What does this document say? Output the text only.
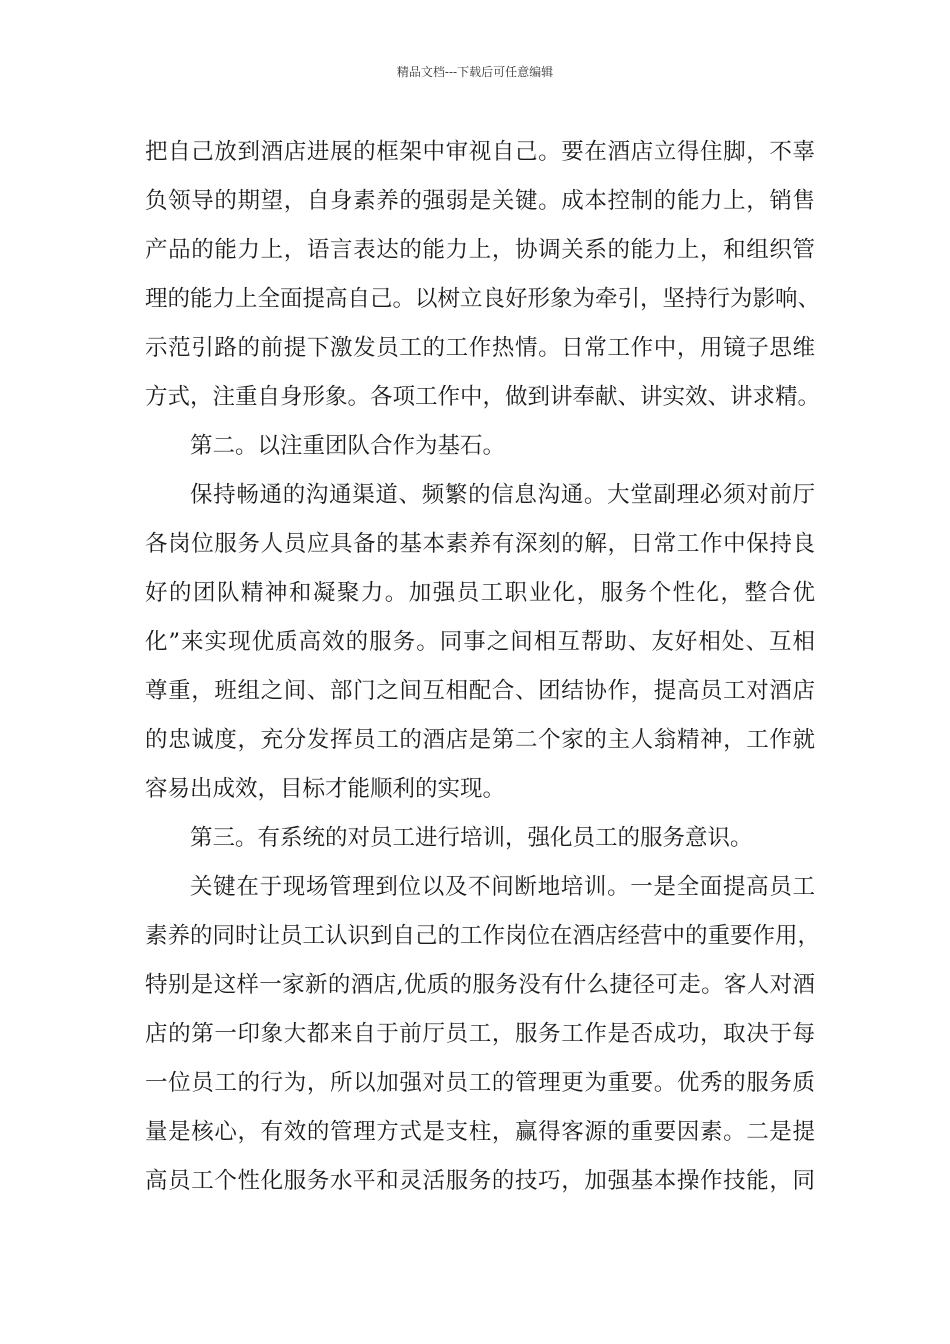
精品文档---下载后可任意编辑
把自己放到酒店进展的框架中审视自己。要在酒店立得住脚，不辜
负领导的期望，自身素养的强弱是关键。成本控制的能力上，销售
产品的能力上，语言表达的能力上，协调关系的能力上，和组织管
理的能力上全面提高自己。以树立良好形象为牵引，坚持行为影响、
示范引路的前提下激发员工的工作热情。日常工作中，用镜子思维
方式，注重自身形象。各项工作中，做到讲奉献、讲实效、讲求精。
第二。以注重团队合作为基石。
保持畅通的沟通渠道、频繁的信息沟通。大堂副理必须对前厅
各岗位服务人员应具备的基本素养有深刻的解，日常工作中保持良
好的团队精神和凝聚力。加强员工职业化，服务个性化，整合优
化”来实现优质高效的服务。同事之间相互帮助、友好相处、互相
尊重，班组之间、部门之间互相配合、团结协作，提高员工对酒店
的忠诚度，充分发挥员工的酒店是第二个家的主人翁精神，工作就
容易出成效，目标才能顺利的实现。
第三。有系统的对员工进行培训，强化员工的服务意识。
关键在于现场管理到位以及不间断地培训。一是全面提高员工
素养的同时让员工认识到自己的工作岗位在酒店经营中的重要作用，
特别是这样一家新的酒店,优质的服务没有什么捷径可走。客人对酒
店的第一印象大都来自于前厅员工，服务工作是否成功，取决于每
一位员工的行为，所以加强对员工的管理更为重要。优秀的服务质
量是核心，有效的管理方式是支柱，赢得客源的重要因素。二是提
高员工个性化服务水平和灵活服务的技巧，加强基本操作技能，同
